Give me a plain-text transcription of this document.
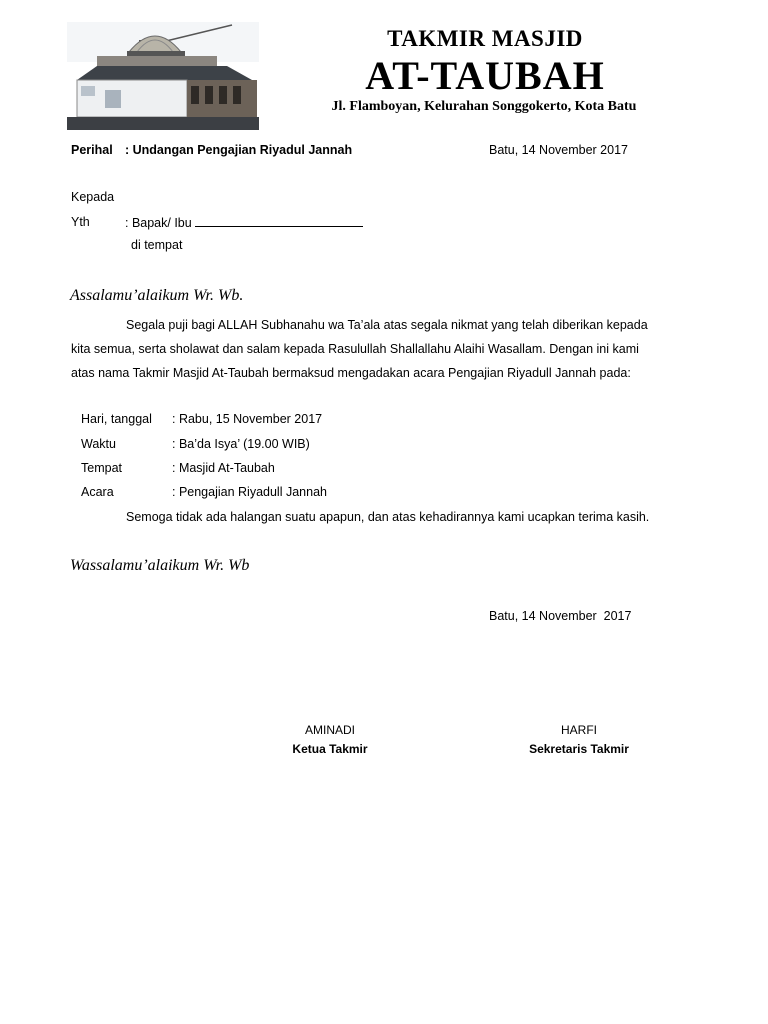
TAKMIR MASJID
AT-TAUBAH
Jl. Flamboyan, Kelurahan Songgokerto, Kota Batu
Perihal : Undangan Pengajian Riyadul Jannah	Batu, 14 November 2017
Kepada
Yth	: Bapak/ Ibu
di tempat
Assalamu’alaikum Wr. Wb.
Segala puji bagi ALLAH Subhanahu wa Ta’ala atas segala nikmat yang telah diberikan kepada kita semua, serta sholawat dan salam kepada Rasulullah Shallallahu Alaihi Wasallam. Dengan ini kami atas nama Takmir Masjid At-Taubah bermaksud mengadakan acara Pengajian Riyadull Jannah pada:
Hari, tanggal : Rabu, 15 November 2017
Waktu	: Ba’da Isya’ (19.00 WIB)
Tempat	: Masjid At-Taubah
Acara	: Pengajian Riyadull Jannah
Semoga tidak ada halangan suatu apapun, dan atas kehadirannya kami ucapkan terima kasih.
Wassalamu’alaikum Wr. Wb
Batu, 14 November  2017
AMINADI
Ketua Takmir
HARFI
Sekretaris Takmir
